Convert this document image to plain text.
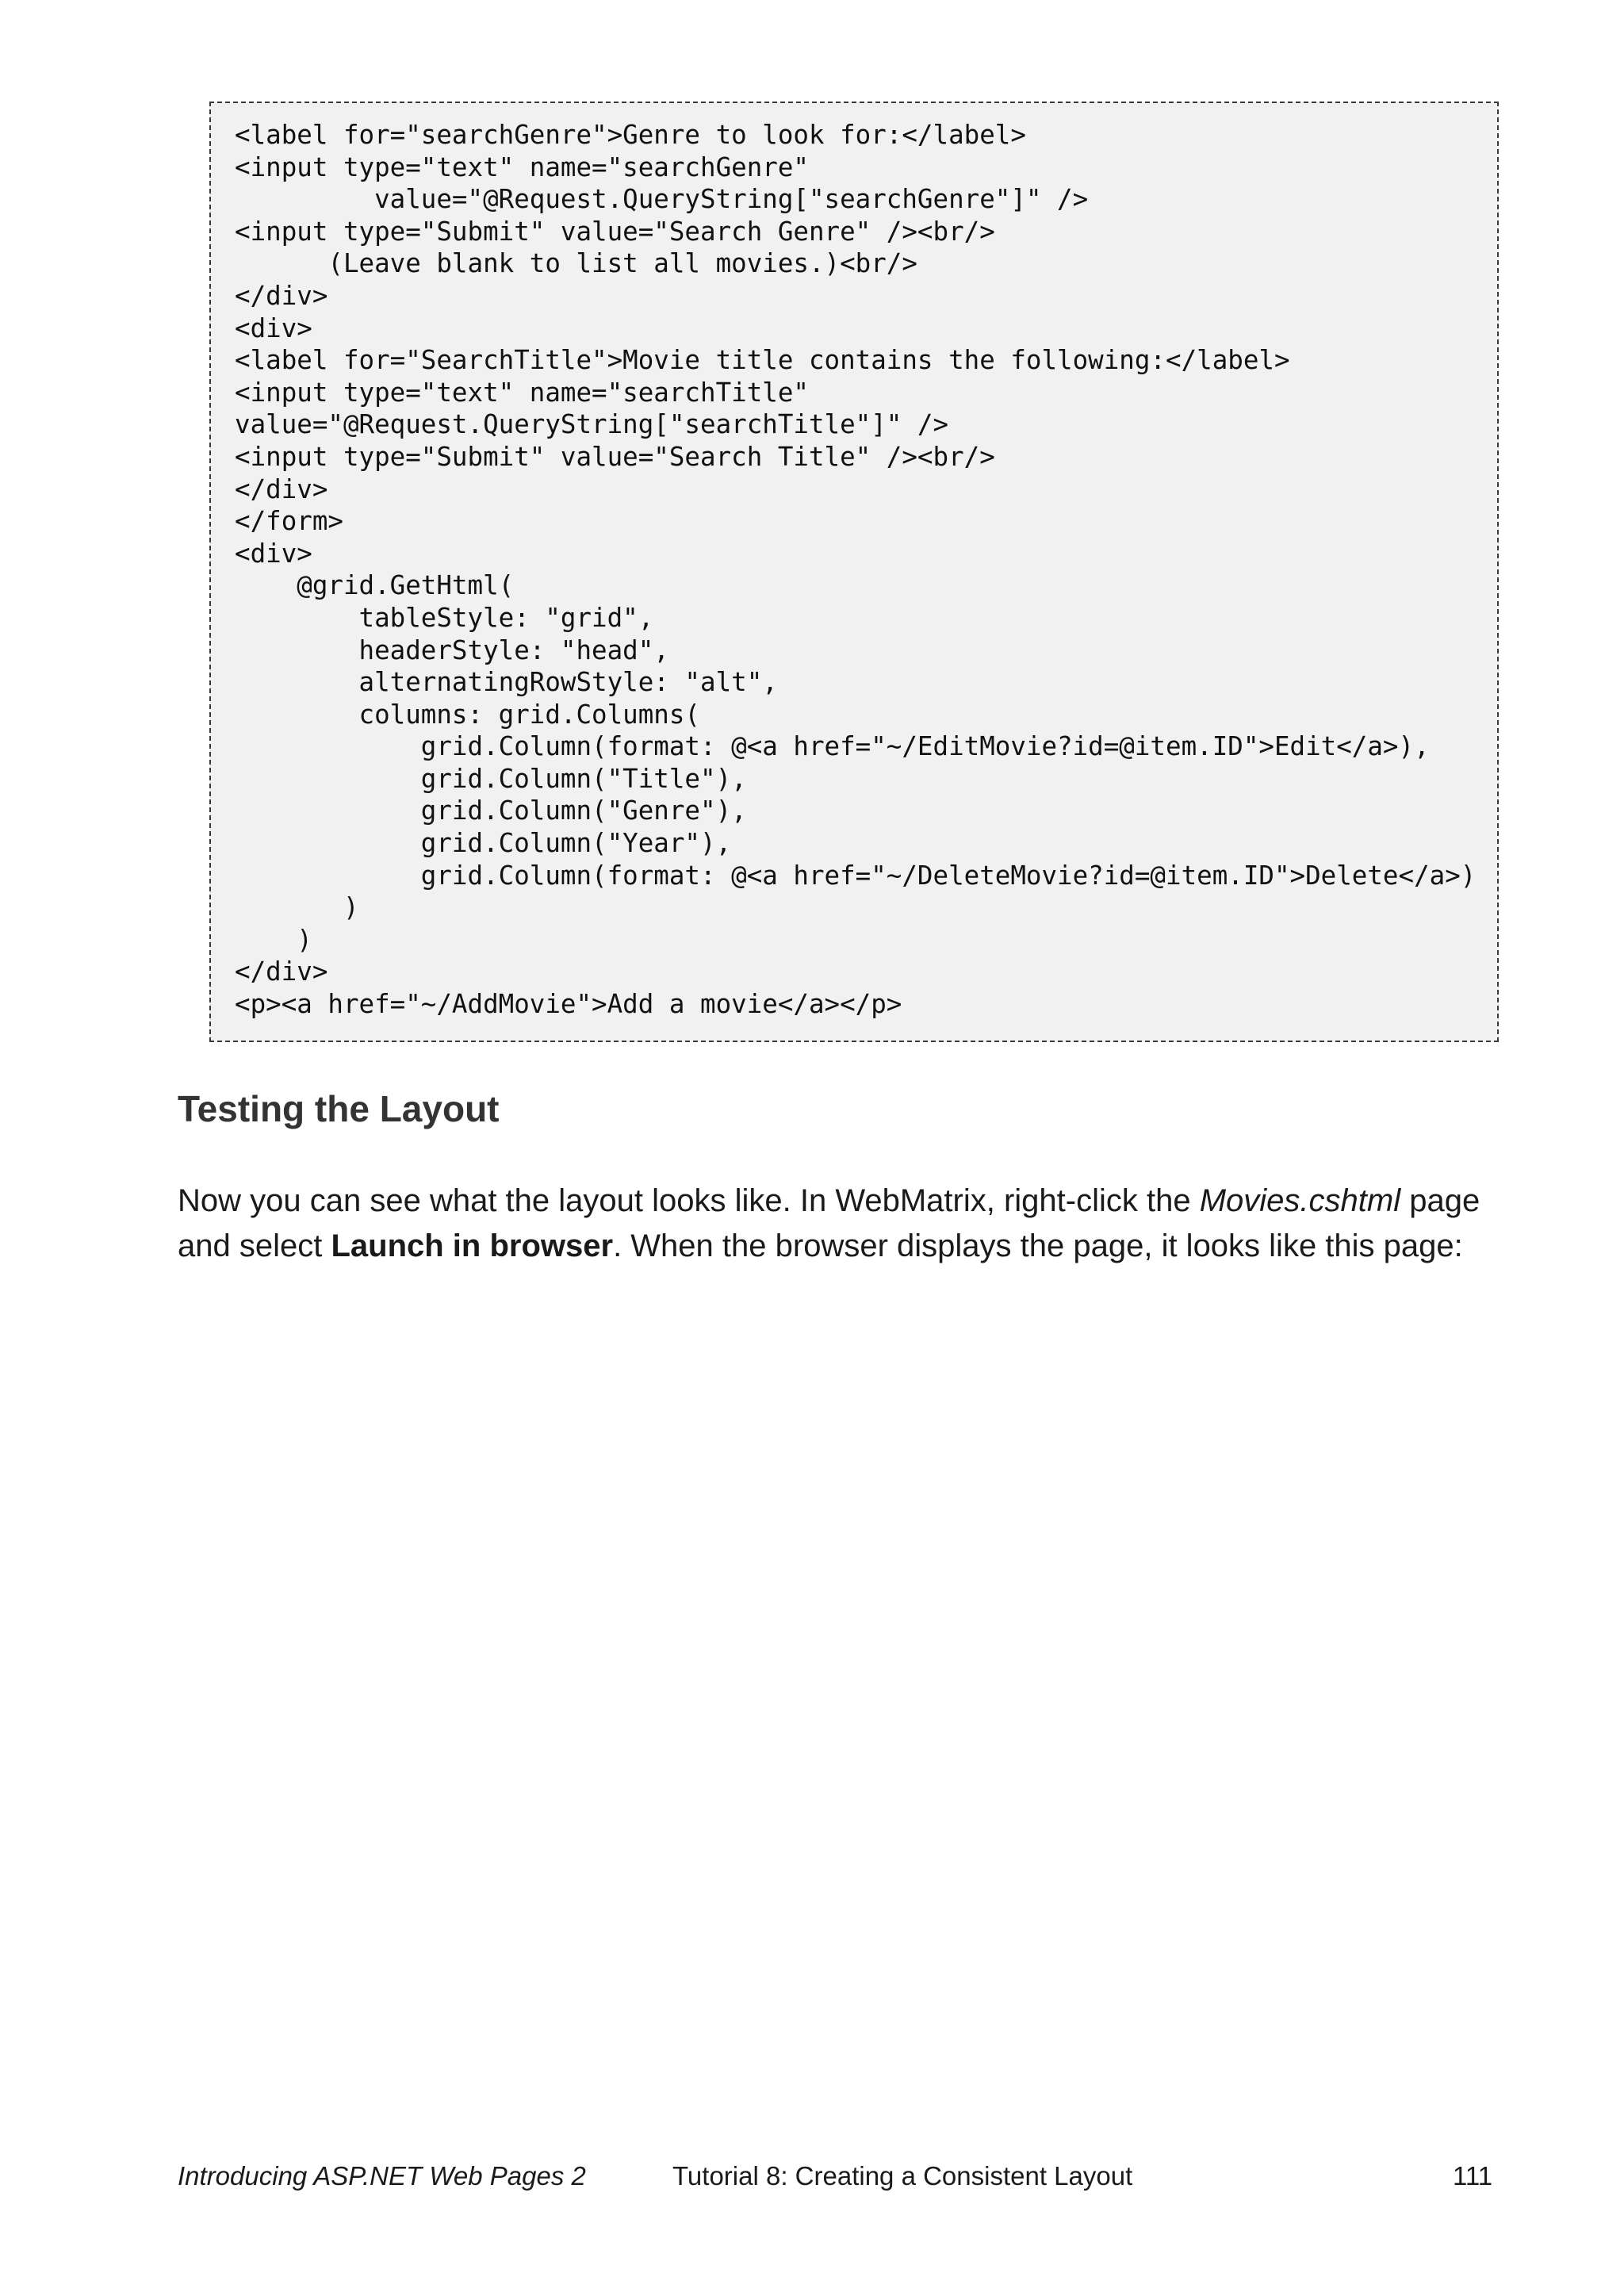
<label for="searchGenre">Genre to look for:</label>
<input type="text" name="searchGenre"
value="@Request.QueryString["searchGenre"]" />
<input type="Submit" value="Search Genre" /><br/>
(Leave blank to list all movies.)<br/>
</div>
<div>
<label for="SearchTitle">Movie title contains the following:</label>
<input type="text" name="searchTitle"
value="@Request.QueryString["searchTitle"]" />
<input type="Submit" value="Search Title" /><br/>
</div>
</form>
<div>
@grid.GetHtml(
tableStyle: "grid",
headerStyle: "head",
alternatingRowStyle: "alt",
columns: grid.Columns(
grid.Column(format: @<a href="~/EditMovie?id=@item.ID">Edit</a>),
grid.Column("Title"),
grid.Column("Genre"),
grid.Column("Year"),
grid.Column(format: @<a href="~/DeleteMovie?id=@item.ID">Delete</a>)
)
)
</div>
<p><a href="~/AddMovie">Add a movie</a></p>
Testing the Layout

Now you can see what the layout looks like. In WebMatrix, right-click the Movies.cshtml page and select Launch in browser. When the browser displays the page, it looks like this page:

Introducing ASP.NET Web Pages 2	Tutorial 8: Creating a Consistent Layout	111
